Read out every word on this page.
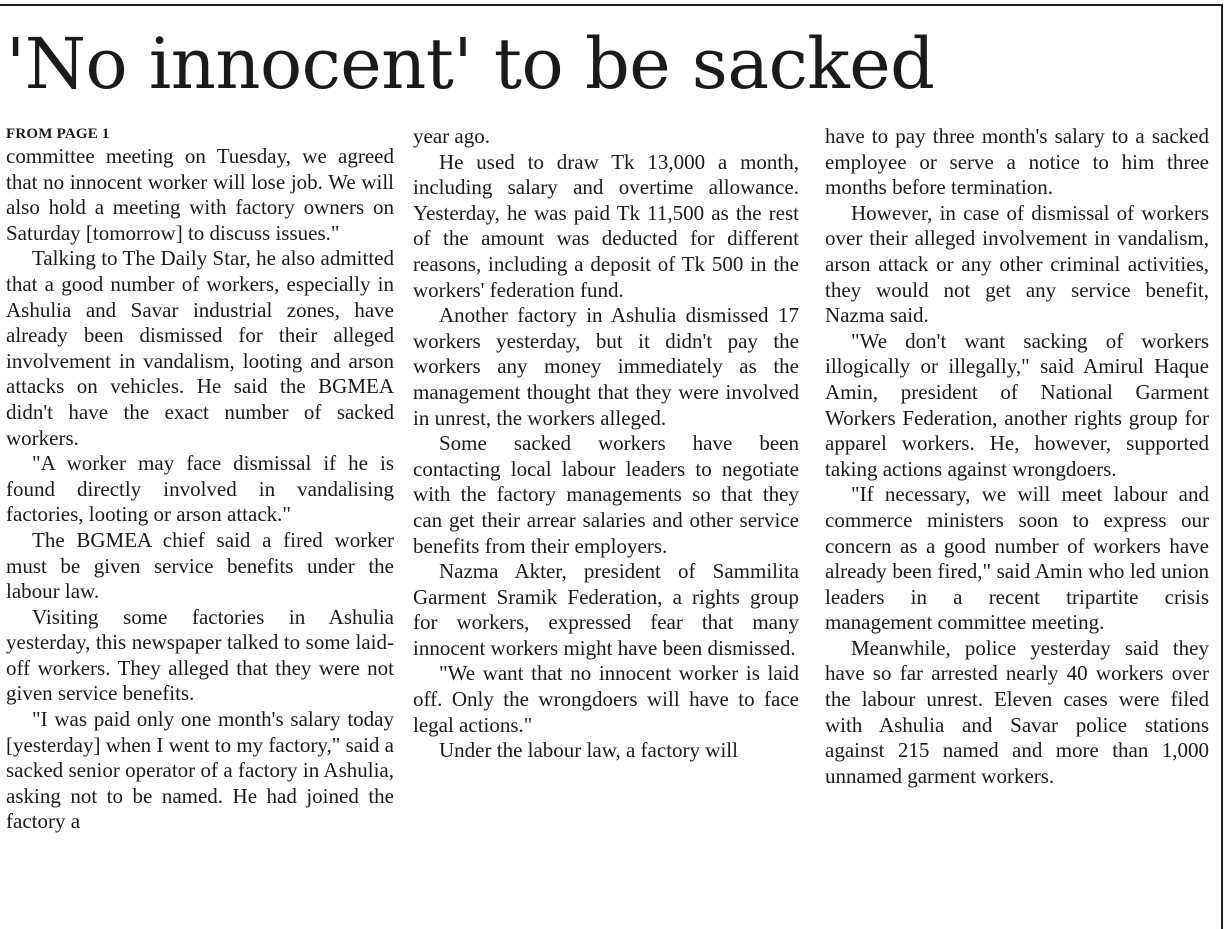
'No innocent' to be sacked

FROM PAGE 1

committee meeting on Tuesday, we agreed that no innocent worker will lose job. We will also hold a meeting with factory owners on Saturday [tomorrow] to discuss issues."

Talking to The Daily Star, he also admitted that a good number of workers, especially in Ashulia and Savar industrial zones, have already been dismissed for their alleged involvement in vandalism, looting and arson attacks on vehicles. He said the BGMEA didn't have the exact number of sacked workers.

"A worker may face dismissal if he is found directly involved in vandalising factories, looting or arson attack."

The BGMEA chief said a fired worker must be given service benefits under the labour law.

Visiting some factories in Ashulia yesterday, this newspaper talked to some laid-off workers. They alleged that they were not given service benefits.

"I was paid only one month's salary today [yesterday] when I went to my factory," said a sacked senior operator of a factory in Ashulia, asking not to be named. He had joined the factory a

year ago.

He used to draw Tk 13,000 a month, including salary and overtime allowance. Yesterday, he was paid Tk 11,500 as the rest of the amount was deducted for different reasons, including a deposit of Tk 500 in the workers' federation fund.

Another factory in Ashulia dismissed 17 workers yesterday, but it didn't pay the workers any money immediately as the management thought that they were involved in unrest, the workers alleged.

Some sacked workers have been contacting local labour leaders to negotiate with the factory managements so that they can get their arrear salaries and other service benefits from their employers.

Nazma Akter, president of Sammilita Garment Sramik Federation, a rights group for workers, expressed fear that many innocent workers might have been dismissed.

"We want that no innocent worker is laid off. Only the wrongdoers will have to face legal actions."

Under the labour law, a factory will

have to pay three month's salary to a sacked employee or serve a notice to him three months before termination.

However, in case of dismissal of workers over their alleged involvement in vandalism, arson attack or any other criminal activities, they would not get any service benefit, Nazma said.

"We don't want sacking of workers illogically or illegally," said Amirul Haque Amin, president of National Garment Workers Federation, another rights group for apparel workers. He, however, supported taking actions against wrongdoers.

"If necessary, we will meet labour and commerce ministers soon to express our concern as a good number of workers have already been fired," said Amin who led union leaders in a recent tripartite crisis management committee meeting.

Meanwhile, police yesterday said they have so far arrested nearly 40 workers over the labour unrest. Eleven cases were filed with Ashulia and Savar police stations against 215 named and more than 1,000 unnamed garment workers.
